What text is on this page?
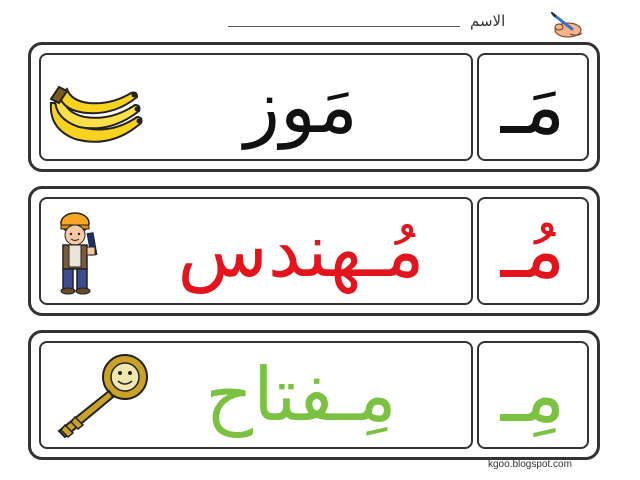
الاسم
مَوز	مَـ
مُـهندس مُـ
مِـفتاح	مِـ
kgoo.blogspot.com
